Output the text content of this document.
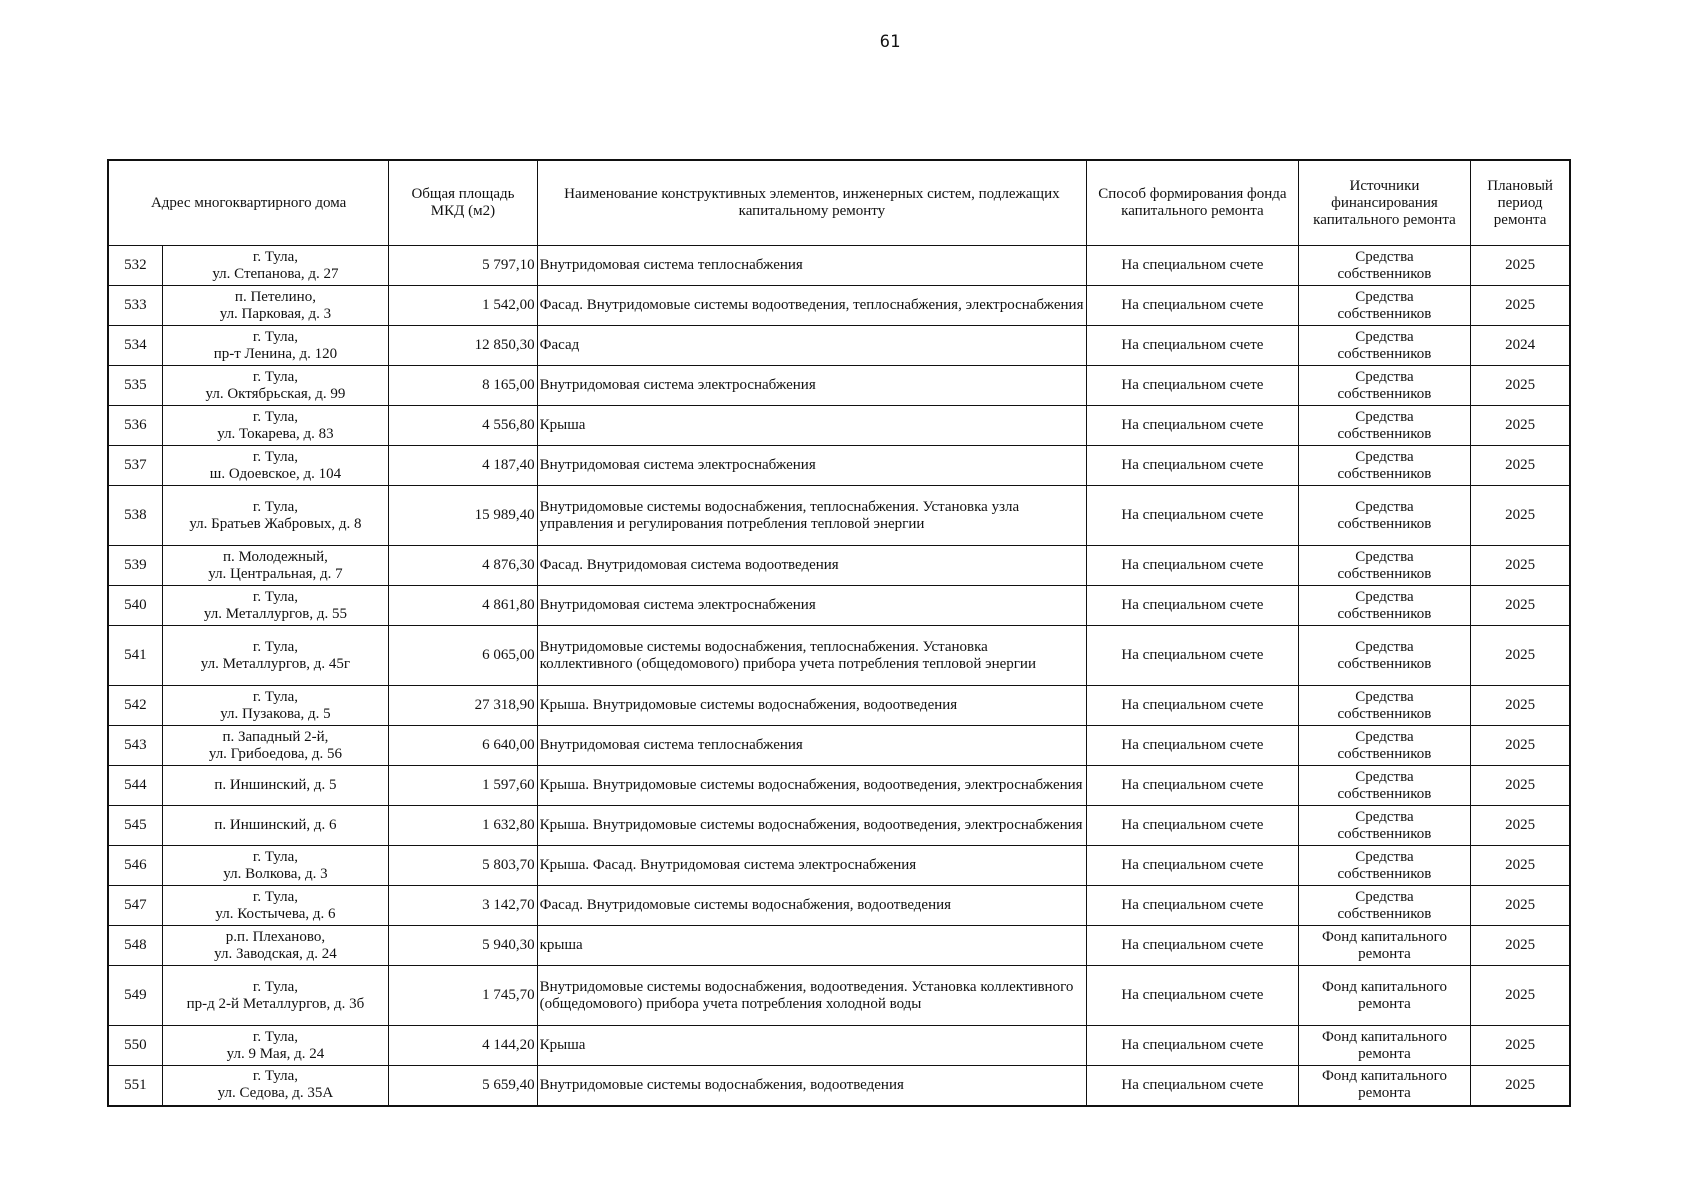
61
Адрес многоквартирного дома		Общая площадь МКД (м2)	Наименование конструктивных элементов, инженерных систем, подлежащих капитальному ремонту	Способ формирования фонда капитального ремонта	Источники финансирования капитального ремонта	Плановый период ремонта
532	г. Тула,
ул. Степанова, д. 27	5 797,10	Внутридомовая система теплоснабжения	На специальном счете	Средства
собственников	2025
533	п. Петелино,
ул. Парковая, д. 3	1 542,00	Фасад. Внутридомовые системы водоотведения, теплоснабжения, электроснабжения	На специальном счете	Средства
собственников	2025
534	г. Тула,
пр-т Ленина, д. 120	12 850,30	Фасад	На специальном счете	Средства
собственников	2024
535	г. Тула,
ул. Октябрьская, д. 99	8 165,00	Внутридомовая система электроснабжения	На специальном счете	Средства
собственников	2025
536	г. Тула,
ул. Токарева, д. 83	4 556,80	Крыша	На специальном счете	Средства
собственников	2025
537	г. Тула,
ш. Одоевское, д. 104	4 187,40	Внутридомовая система электроснабжения	На специальном счете	Средства
собственников	2025
538	г. Тула,
ул. Братьев Жабровых, д. 8	15 989,40	Внутридомовые системы водоснабжения, теплоснабжения. Установка узла управления и регулирования потребления тепловой энергии	На специальном счете	Средства
собственников	2025
539	п. Молодежный,
ул. Центральная, д. 7	4 876,30	Фасад. Внутридомовая система водоотведения	На специальном счете	Средства
собственников	2025
540	г. Тула,
ул. Металлургов, д. 55	4 861,80	Внутридомовая система электроснабжения	На специальном счете	Средства
собственников	2025
541	г. Тула,
ул. Металлургов, д. 45г	6 065,00	Внутридомовые системы водоснабжения, теплоснабжения. Установка коллективного (общедомового) прибора учета потребления тепловой энергии	На специальном счете	Средства
собственников	2025
542	г. Тула,
ул. Пузакова, д. 5	27 318,90	Крыша. Внутридомовые системы водоснабжения, водоотведения	На специальном счете	Средства
собственников	2025
543	п. Западный 2-й,
ул. Грибоедова, д. 56	6 640,00	Внутридомовая система теплоснабжения	На специальном счете	Средства
собственников	2025
544	п. Иншинский, д. 5	1 597,60	Крыша. Внутридомовые системы водоснабжения, водоотведения, электроснабжения	На специальном счете	Средства
собственников	2025
545	п. Иншинский, д. 6	1 632,80	Крыша. Внутридомовые системы водоснабжения, водоотведения, электроснабжения	На специальном счете	Средства
собственников	2025
546	г. Тула,
ул. Волкова, д. 3	5 803,70	Крыша. Фасад. Внутридомовая система электроснабжения	На специальном счете	Средства
собственников	2025
547	г. Тула,
ул. Костычева, д. 6	3 142,70	Фасад. Внутридомовые системы водоснабжения, водоотведения	На специальном счете	Средства
собственников	2025
548	р.п. Плеханово,
ул. Заводская, д. 24	5 940,30	крыша	На специальном счете	Фонд капитального
ремонта	2025
549	г. Тула,
пр-д 2-й Металлургов, д. 3б	1 745,70	Внутридомовые системы водоснабжения, водоотведения. Установка коллективного (общедомового) прибора учета потребления холодной воды	На специальном счете	Фонд капитального
ремонта	2025
550	г. Тула,
ул. 9 Мая, д. 24	4 144,20	Крыша	На специальном счете	Фонд капитального
ремонта	2025
551	г. Тула,
ул. Седова, д. 35А	5 659,40	Внутридомовые системы водоснабжения, водоотведения	На специальном счете	Фонд капитального
ремонта	2025
